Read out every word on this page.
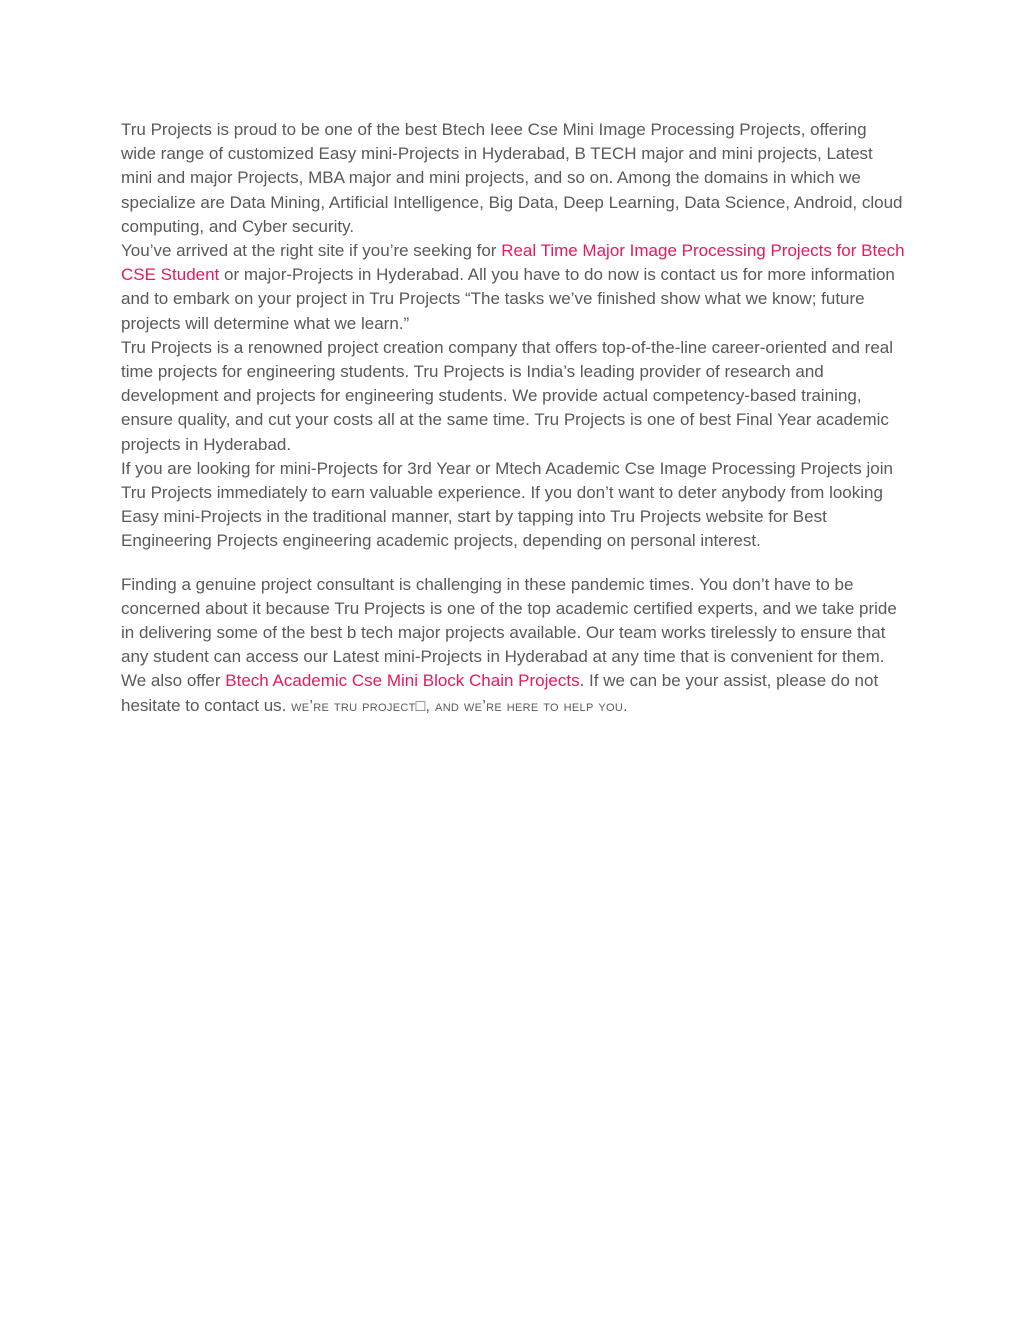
Tru Projects is proud to be one of the best Btech Ieee Cse Mini Image Processing Projects, offering wide range of customized Easy mini-Projects in Hyderabad, B TECH major and mini projects, Latest mini and major Projects, MBA major and mini projects, and so on. Among the domains in which we specialize are Data Mining, Artificial Intelligence, Big Data, Deep Learning, Data Science, Android, cloud computing, and Cyber security.

You’ve arrived at the right site if you’re seeking for Real Time Major Image Processing Projects for Btech CSE Student or major-Projects in Hyderabad. All you have to do now is contact us for more information and to embark on your project in Tru Projects “The tasks we’ve finished show what we know; future projects will determine what we learn.”

Tru Projects is a renowned project creation company that offers top-of-the-line career-oriented and real time projects for engineering students. Tru Projects is India’s leading provider of research and development and projects for engineering students. We provide actual competency-based training, ensure quality, and cut your costs all at the same time. Tru Projects is one of best Final Year academic projects in Hyderabad.

If you are looking for mini-Projects for 3rd Year or Mtech Academic Cse Image Processing Projects join Tru Projects immediately to earn valuable experience. If you don’t want to deter anybody from looking Easy mini-Projects in the traditional manner, start by tapping into Tru Projects website for Best Engineering Projects engineering academic projects, depending on personal interest.

Finding a genuine project consultant is challenging in these pandemic times. You don’t have to be concerned about it because Tru Projects is one of the top academic certified experts, and we take pride in delivering some of the best b tech major projects available. Our team works tirelessly to ensure that any student can access our Latest mini-Projects in Hyderabad at any time that is convenient for them. We also offer Btech Academic Cse Mini Block Chain Projects. If we can be your assist, please do not hesitate to contact us. we’re tru project□, and we’re here to help you.
